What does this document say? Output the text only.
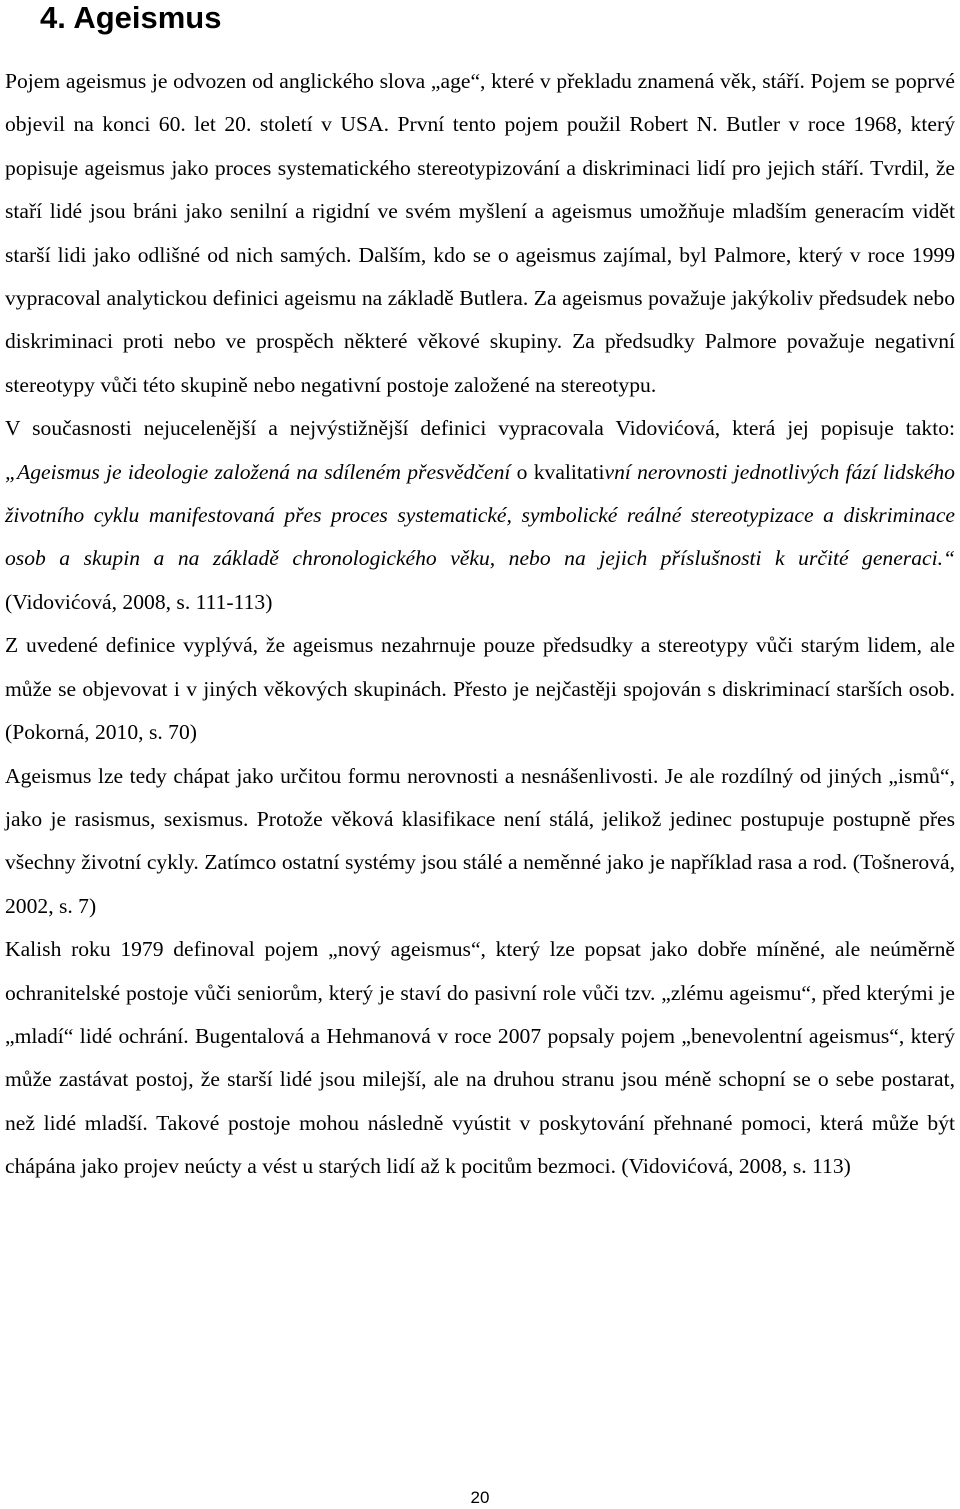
4. Ageismus

Pojem ageismus je odvozen od anglického slova „age“, které v překladu znamená věk, stáří. Pojem se poprvé objevil na konci 60. let 20. století v USA. První tento pojem použil Robert N. Butler v roce 1968, který popisuje ageismus jako proces systematického stereotypizování a diskriminaci lidí pro jejich stáří. Tvrdil, že staří lidé jsou bráni jako senilní a rigidní ve svém myšlení a ageismus umožňuje mladším generacím vidět starší lidi jako odlišné od nich samých. Dalším, kdo se o ageismus zajímal, byl Palmore, který v roce 1999 vypracoval analytickou definici ageismu na základě Butlera. Za ageismus považuje jakýkoliv předsudek nebo diskriminaci proti nebo ve prospěch některé věkové skupiny. Za předsudky Palmore považuje negativní stereotypy vůči této skupině nebo negativní postoje založené na stereotypu.

V současnosti nejucelenější a nejvýstižnější definici vypracovala Vidovićová, která jej popisuje takto: „Ageismus je ideologie založená na sdíleném přesvědčení o kvalitativní nerovnosti jednotlivých fází lidského životního cyklu manifestovaná přes proces systematické, symbolické reálné stereotypizace a diskriminace osob a skupin a na základě chronologického věku, nebo na jejich příslušnosti k určité generaci.“ (Vidovićová, 2008, s. 111-113)

Z uvedené definice vyplývá, že ageismus nezahrnuje pouze předsudky a stereotypy vůči starým lidem, ale může se objevovat i v jiných věkových skupinách. Přesto je nejčastěji spojován s diskriminací starších osob. (Pokorná, 2010, s. 70)

Ageismus lze tedy chápat jako určitou formu nerovnosti a nesnášenlivosti. Je ale rozdílný od jiných „ismů“, jako je rasismus, sexismus. Protože věková klasifikace není stálá, jelikož jedinec postupuje postupně přes všechny životní cykly. Zatímco ostatní systémy jsou stálé a neměnné jako je například rasa a rod. (Tošnerová, 2002, s. 7)

Kalish roku 1979 definoval pojem „nový ageismus“, který lze popsat jako dobře míněné, ale neúměrně ochranitelské postoje vůči seniorům, který je staví do pasivní role vůči tzv. „zlému ageismu“, před kterými je „mladí“ lidé ochrání. Bugentalová a Hehmanová v roce 2007 popsaly pojem „benevolentní ageismus“, který může zastávat postoj, že starší lidé jsou milejší, ale na druhou stranu jsou méně schopní se o sebe postarat, než lidé mladší. Takové postoje mohou následně vyústit v poskytování přehnané pomoci, která může být chápána jako projev neúcty a vést u starých lidí až k pocitům bezmoci. (Vidovićová, 2008, s. 113)

20
